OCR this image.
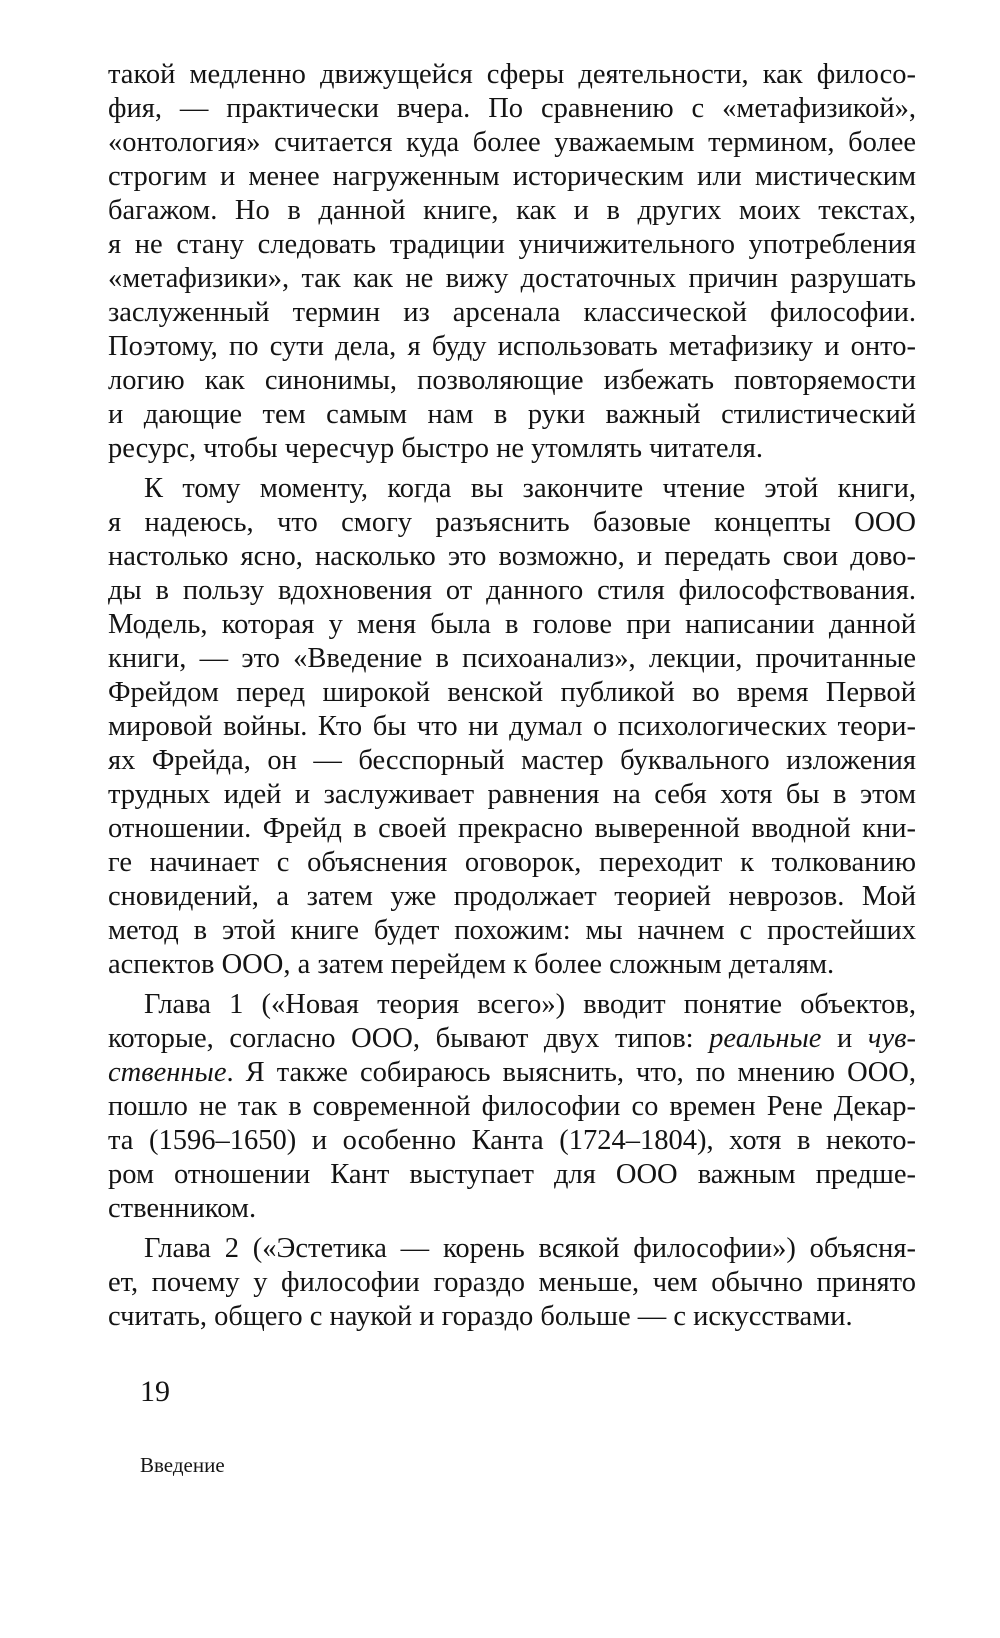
такой медленно движущейся сферы деятельности, как филосо-
фия, — практически вчера. По сравнению с «метафизикой»,
«онтология» считается куда более уважаемым термином, более
строгим и менее нагруженным историческим или мистическим
багажом. Но в данной книге, как и в других моих текстах,
я не стану следовать традиции уничижительного употребления
«метафизики», так как не вижу достаточных причин разрушать
заслуженный термин из арсенала классической философии.
Поэтому, по сути дела, я буду использовать метафизику и онто-
логию как синонимы, позволяющие избежать повторяемости
и дающие тем самым нам в руки важный стилистический
ресурс, чтобы чересчур быстро не утомлять читателя.
К тому моменту, когда вы закончите чтение этой книги,
я надеюсь, что смогу разъяснить базовые концепты ООО
настолько ясно, насколько это возможно, и передать свои дово-
ды в пользу вдохновения от данного стиля философствования.
Модель, которая у меня была в голове при написании данной
книги, — это «Введение в психоанализ», лекции, прочитанные
Фрейдом перед широкой венской публикой во время Первой
мировой войны. Кто бы что ни думал о психологических теори-
ях Фрейда, он — бесспорный мастер буквального изложения
трудных идей и заслуживает равнения на себя хотя бы в этом
отношении. Фрейд в своей прекрасно выверенной вводной кни-
ге начинает с объяснения оговорок, переходит к толкованию
сновидений, а затем уже продолжает теорией неврозов. Мой
метод в этой книге будет похожим: мы начнем с простейших
аспектов ООО, а затем перейдем к более сложным деталям.
Глава 1 («Новая теория всего») вводит понятие объектов,
которые, согласно ООО, бывают двух типов: реальные и чув-
ственные. Я также собираюсь выяснить, что, по мнению ООО,
пошло не так в современной философии со времен Рене Декар-
та (1596–1650) и особенно Канта (1724–1804), хотя в некото-
ром отношении Кант выступает для ООО важным предше-
ственником.
Глава 2 («Эстетика — корень всякой философии») объясня-
ет, почему у философии гораздо меньше, чем обычно принято
считать, общего с наукой и гораздо больше — с искусствами.
19
Введение
